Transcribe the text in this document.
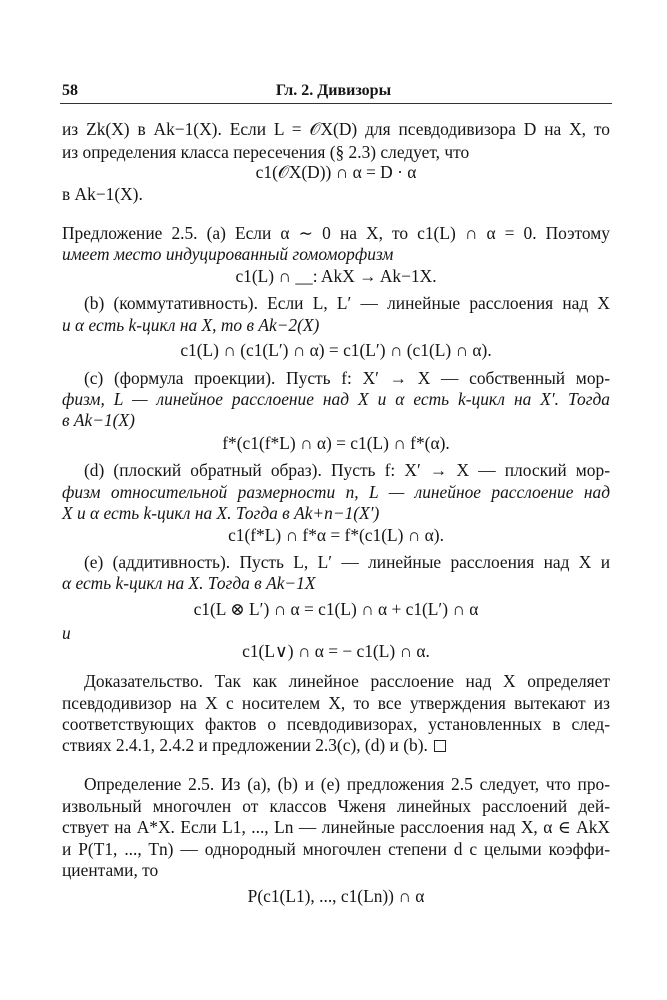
58	Гл. 2. Дивизоры
из Zk(X) в Ak−1(X). Если L = 𝒪X(D) для псевдодивизора D на X, то
из определения класса пересечения (§ 2.3) следует, что
c1(𝒪X(D)) ∩ α = D · α
в Ak−1(X).
Предложение 2.5. (а) Если α ∼ 0 на X, то c1(L) ∩ α = 0. Поэтому
имеет место индуцированный гомоморфизм
c1(L) ∩ __: AkX → Ak−1X.
(b) (коммутативность). Если L, L′ — линейные расслоения над X
и α есть k-цикл на X, то в Ak−2(X)
c1(L) ∩ (c1(L′) ∩ α) = c1(L′) ∩ (c1(L) ∩ α).
(c) (формула проекции). Пусть f: X′ → X — собственный мор-
физм, L — линейное расслоение над X и α есть k-цикл на X′. Тогда
в Ak−1(X)
f*(c1(f*L) ∩ α) = c1(L) ∩ f*(α).
(d) (плоский обратный образ). Пусть f: X′ → X — плоский мор-
физм относительной размерности n, L — линейное расслоение над
X и α есть k-цикл на X. Тогда в Ak+n−1(X′)
c1(f*L) ∩ f*α = f*(c1(L) ∩ α).
(e) (аддитивность). Пусть L, L′ — линейные расслоения над X и
α есть k-цикл на X. Тогда в Ak−1X
c1(L ⊗ L′) ∩ α = c1(L) ∩ α + c1(L′) ∩ α
и
c1(L∨) ∩ α = − c1(L) ∩ α.
Доказательство. Так как линейное расслоение над X определяет
псевдодивизор на X с носителем X, то все утверждения вытекают из
соответствующих фактов о псевдодивизорах, установленных в след-
ствиях 2.4.1, 2.4.2 и предложении 2.3(c), (d) и (b).
Определение 2.5. Из (а), (b) и (e) предложения 2.5 следует, что про-
извольный многочлен от классов Чженя линейных расслоений дей-
ствует на A*X. Если L1, ..., Ln — линейные расслоения над X, α ∈ AkX
и P(T1, ..., Tn) — однородный многочлен степени d с целыми коэффи-
циентами, то
P(c1(L1), ..., c1(Ln)) ∩ α
